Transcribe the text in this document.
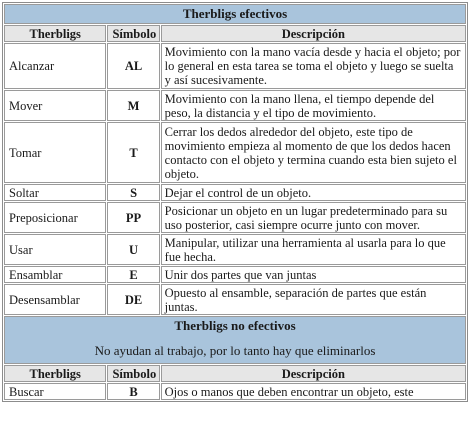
Therbligs efectivos		
Therbligs	Símbolo	Descripción
Alcanzar	AL	Movimiento con la mano vacía desde y hacia el objeto; por lo general en esta tarea se toma el objeto y luego se suelta y así sucesivamente.
Mover	M	Movimiento con la mano llena, el tiempo depende del peso, la distancia y el tipo de movimiento.
Tomar	T	Cerrar los dedos alrededor del objeto, este tipo de movimiento empieza al momento de que los dedos hacen contacto con el objeto y termina cuando esta bien sujeto el objeto.
Soltar	S	Dejar el control de un objeto.
Preposicionar	PP	Posicionar un objeto en un lugar predeterminado para su uso posterior, casi siempre ocurre junto con mover.
Usar	U	Manipular, utilizar una herramienta al usarla para lo que fue hecha.
Ensamblar	E	Unir dos partes que van juntas
Desensamblar	DE	Opuesto al ensamble, separación de partes que están juntas.

Therbligs no efectivos
No ayudan al trabajo, por lo tanto hay que eliminarlos		

Therbligs	Símbolo	Descripción
Buscar	B	Ojos o manos que deben encontrar un objeto, este
